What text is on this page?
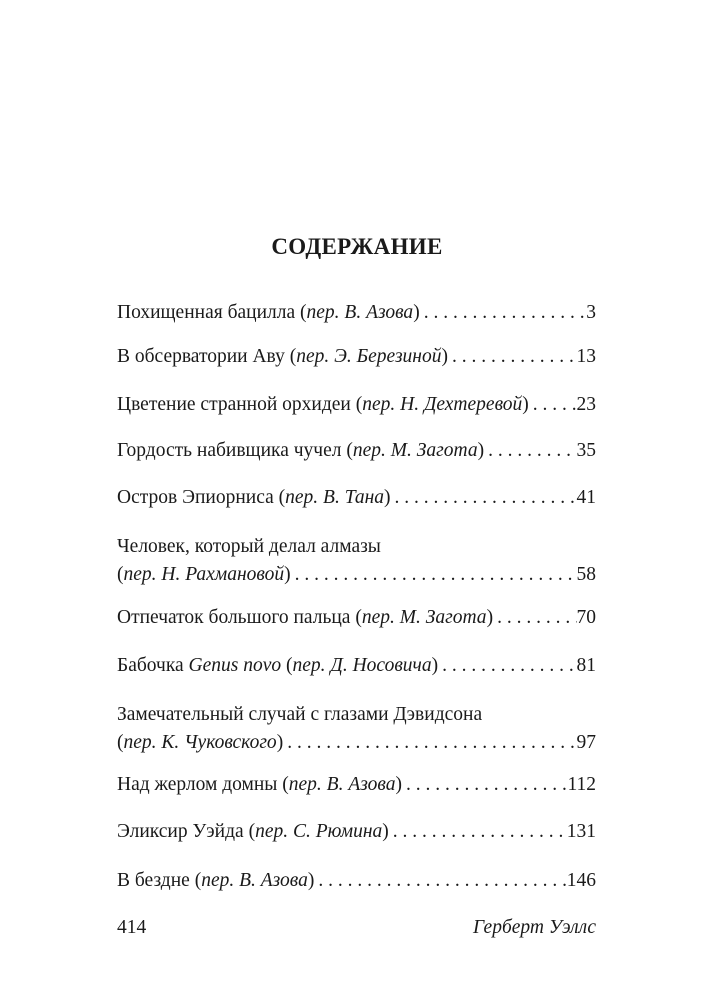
СОДЕРЖАНИЕ
Похищенная бацилла (пер. В. Азова) . . .	3
В обсерватории Аву (пер. Э. Березиной) . . .	13
Цветение странной орхидеи (пер. Н. Дехтеревой) . . . 23
Гордость набивщика чучел (пер. М. Загота) . . .	35
Остров Эпиорниса (пер. В. Тана) . . .	41
Человек, который делал алмазы
(пер. Н. Рахмановой) . . .	58
Отпечаток большого пальца (пер. М. Загота) . . .	70
Бабочка Genus novo (пер. Д. Носовича) . . .	81
Замечательный случай с глазами Дэвидсона
(пер. К. Чуковского) . . .	97
Над жерлом домны (пер. В. Азова) . . .	112
Эликсир Уэйда (пер. С. Рюмина) . . .	131
В бездне (пер. В. Азова) . . .	146
414	Герберт Уэллс
